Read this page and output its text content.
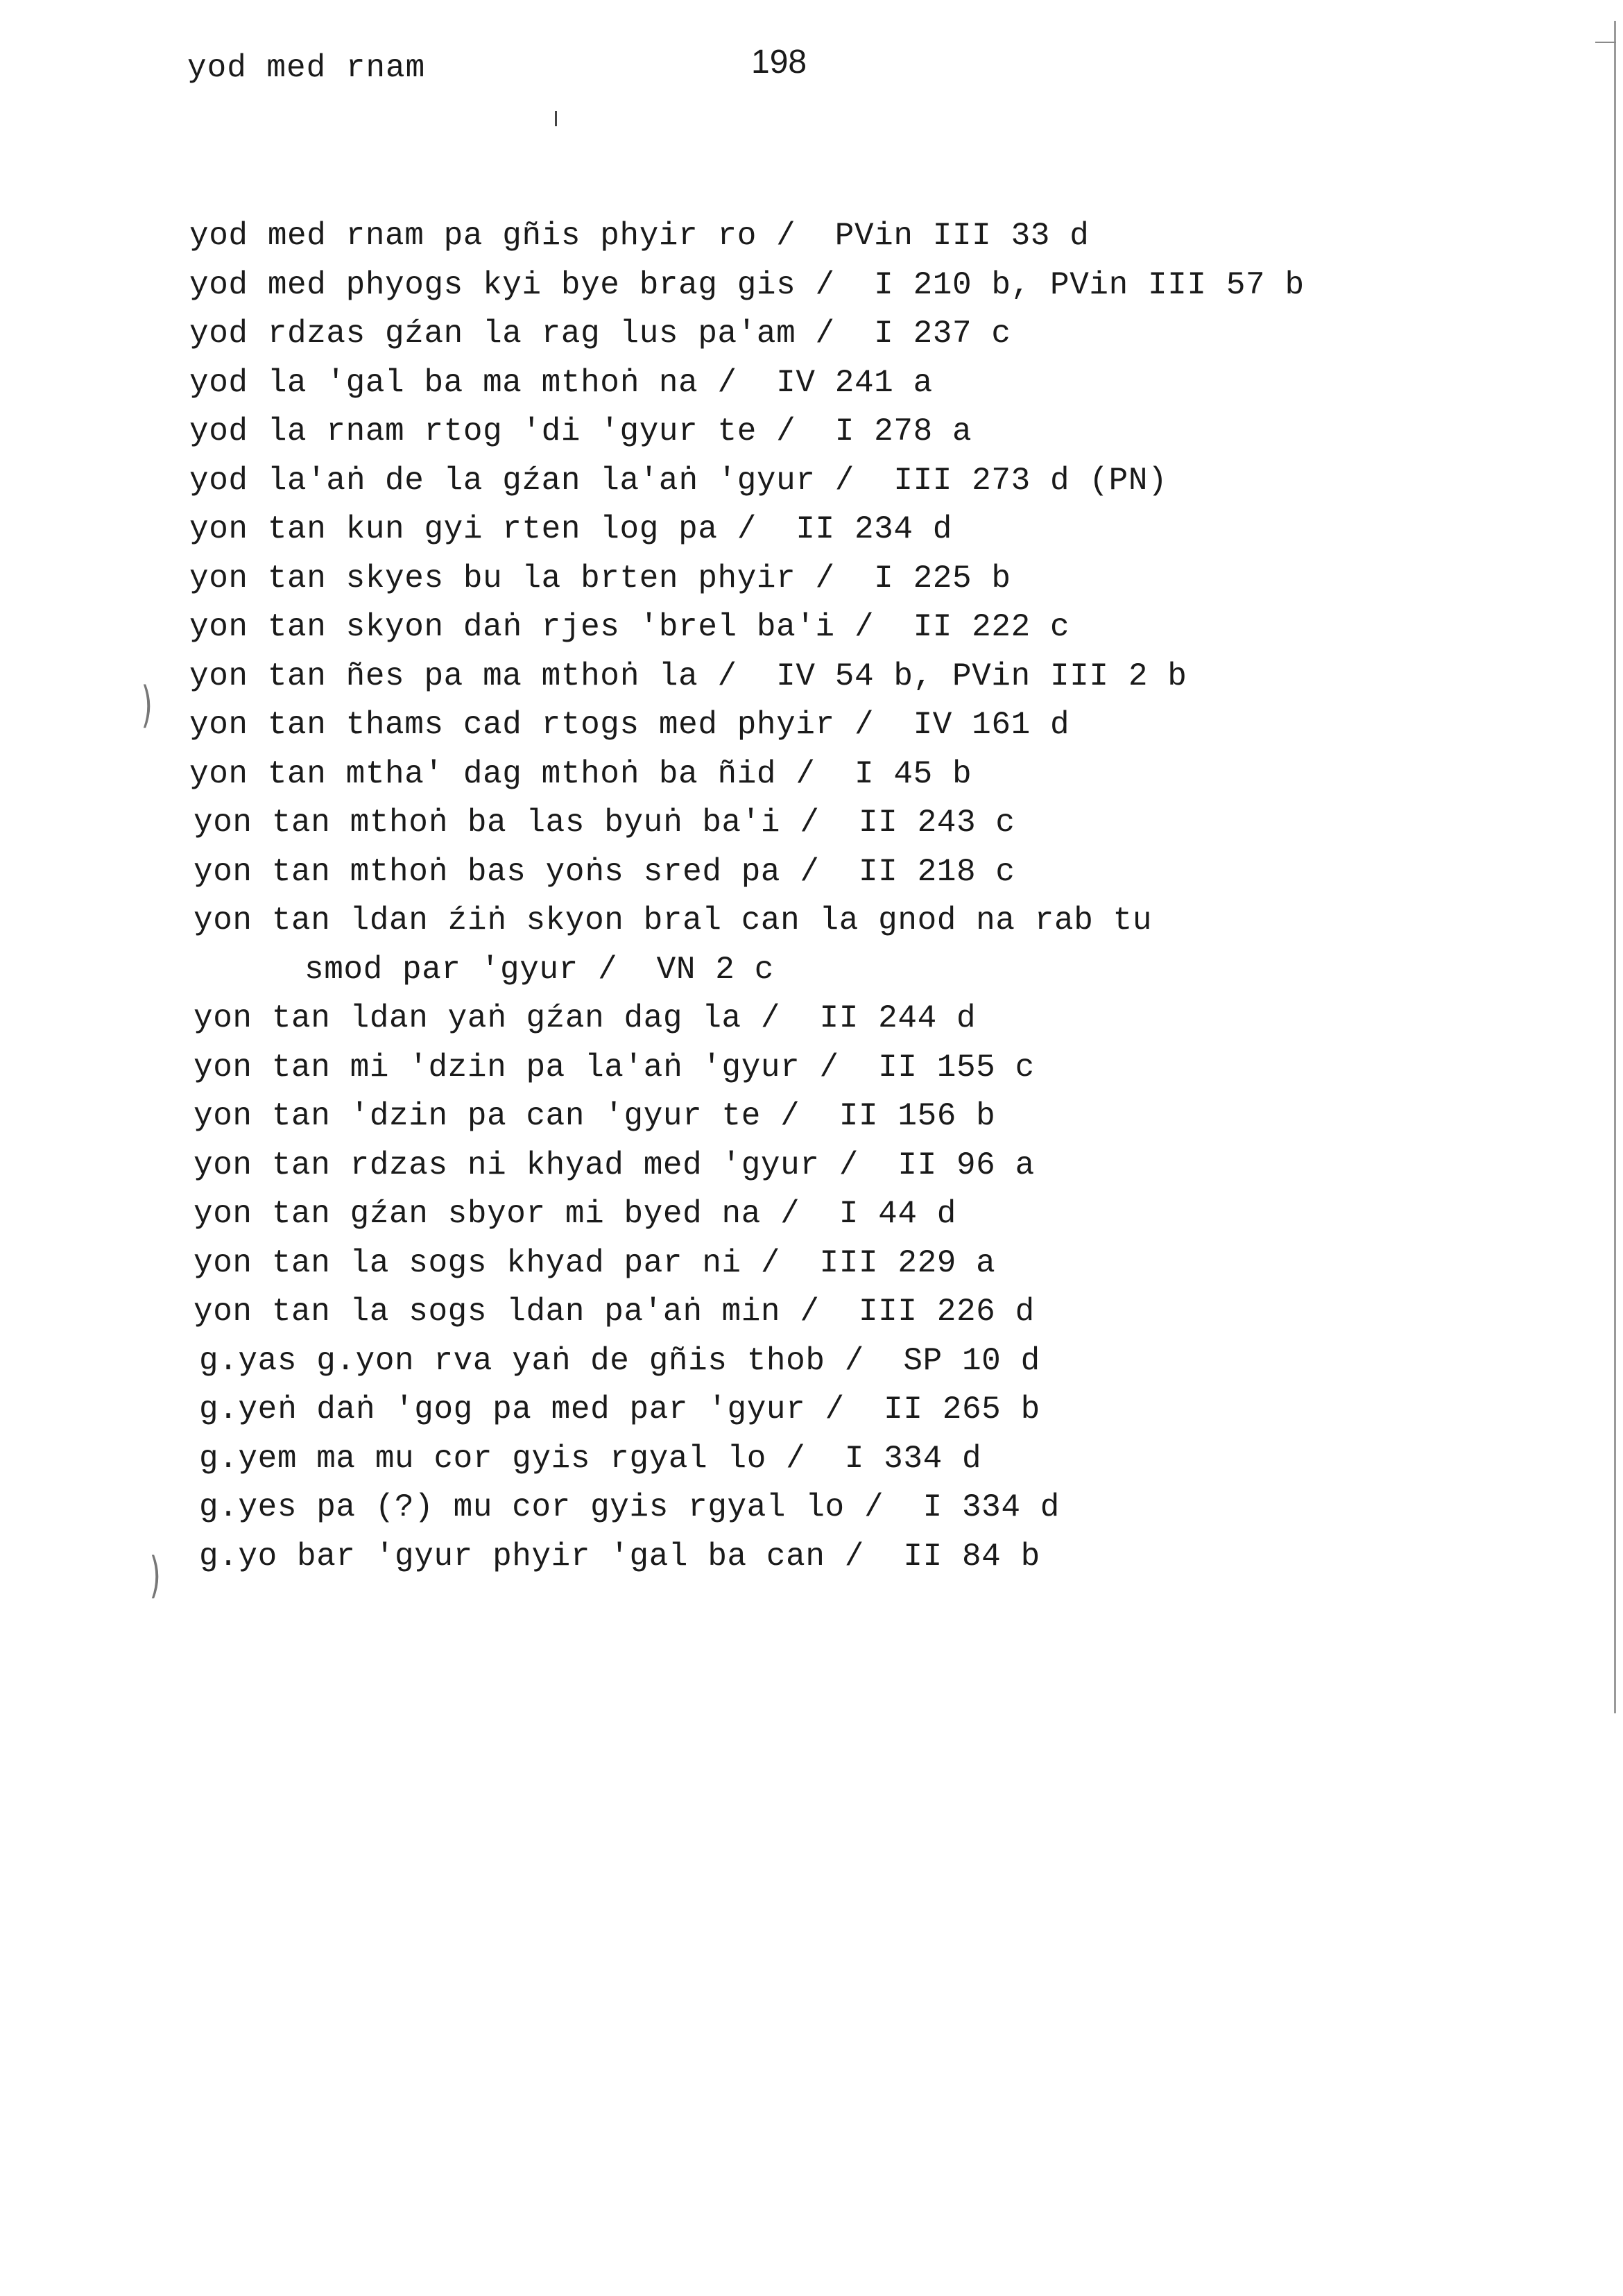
yod med rnam	198
yod med rnam pa gñis phyir ro /  PVin III 33 d
yod med phyogs kyi bye brag gis /  I 210 b, PVin III 57 b
yod rdzas gźan la rag lus pa'am /  I 237 c
yod la 'gal ba ma mthoṅ na /  IV 241 a
yod la rnam rtog 'di 'gyur te /  I 278 a
yod la'aṅ de la gźan la'aṅ 'gyur /  III 273 d (PN)
yon tan kun gyi rten log pa /  II 234 d
yon tan skyes bu la brten phyir /  I 225 b
yon tan skyon daṅ rjes 'brel ba'i /  II 222 c
yon tan ñes pa ma mthoṅ la /  IV 54 b, PVin III 2 b
yon tan thams cad rtogs med phyir /  IV 161 d
yon tan mtha' dag mthoṅ ba ñid /  I 45 b
yon tan mthoṅ ba las byuṅ ba'i /  II 243 c
yon tan mthoṅ bas yoṅs sred pa /  II 218 c
yon tan ldan źiṅ skyon bral can la gnod na rab tu
smod par 'gyur /  VN 2 c
yon tan ldan yaṅ gźan dag la /  II 244 d
yon tan mi 'dzin pa la'aṅ 'gyur /  II 155 c
yon tan 'dzin pa can 'gyur te /  II 156 b
yon tan rdzas ni khyad med 'gyur /  II 96 a
yon tan gźan sbyor mi byed na /  I 44 d
yon tan la sogs khyad par ni /  III 229 a
yon tan la sogs ldan pa'aṅ min /  III 226 d
g.yas g.yon rva yaṅ de gñis thob /  SP 10 d
g.yeṅ daṅ 'gog pa med par 'gyur /  II 265 b
g.yem ma mu cor gyis rgyal lo /  I 334 d
g.yes pa (?) mu cor gyis rgyal lo /  I 334 d
g.yo bar 'gyur phyir 'gal ba can /  II 84 b
)
)
